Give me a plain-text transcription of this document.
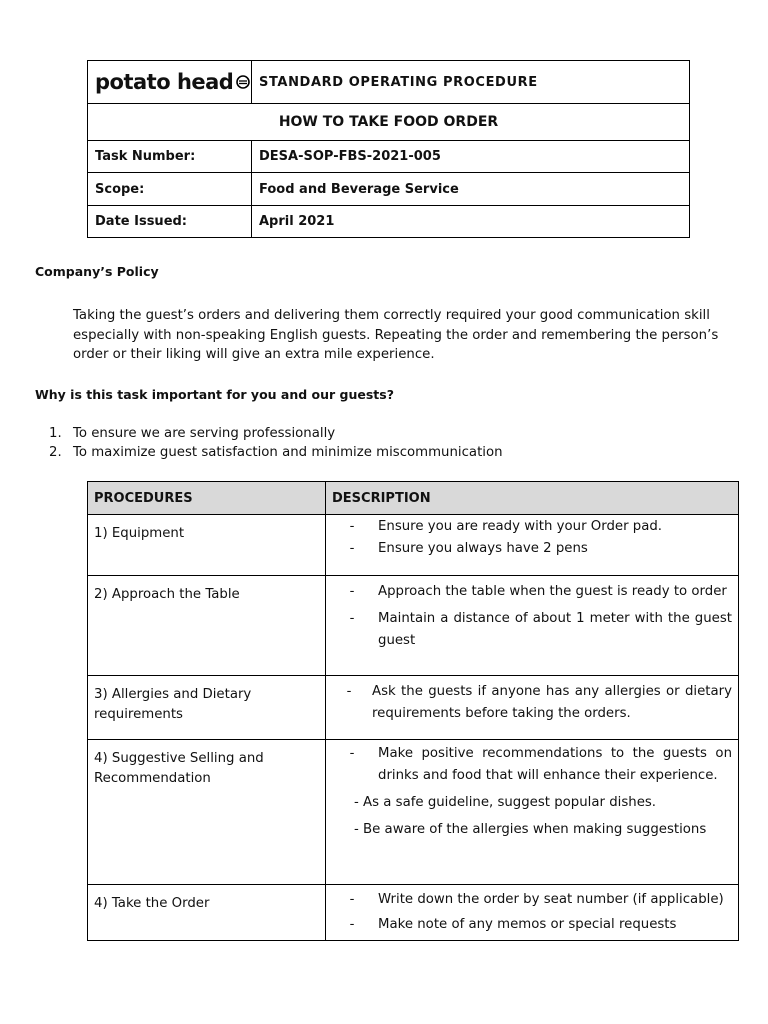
potato head	STANDARD OPERATING PROCEDURE
HOW TO TAKE FOOD ORDER	
Task Number:	DESA-SOP-FBS-2021-005
Scope:	Food and Beverage Service
Date Issued:	April 2021
Company’s Policy
Taking the guest’s orders and delivering them correctly required your good communication skill especially with non-speaking English guests. Repeating the order and remembering the person’s order or their liking will give an extra mile experience.
Why is this task important for you and our guests?
1. To ensure we are serving professionally
2. To maximize guest satisfaction and minimize miscommunication
PROCEDURES	DESCRIPTION
1) Equipment	- Ensure you are ready with your Order pad.
- Ensure you always have 2 pens

2) Approach the Table	- Approach the table when the guest is ready to order
- Maintain a distance of about 1 meter with the guest guest

3) Allergies and Dietary requirements	- Ask the guests if anyone has any allergies or dietary requirements before taking the orders.

4) Suggestive Selling and Recommendation	- Make positive recommendations to the guests on drinks and food that will enhance their experience.
- As a safe guideline, suggest popular dishes.
- Be aware of the allergies when making suggestions

4) Take the Order	- Write down the order by seat number (if applicable)
- Make note of any memos or special requests
